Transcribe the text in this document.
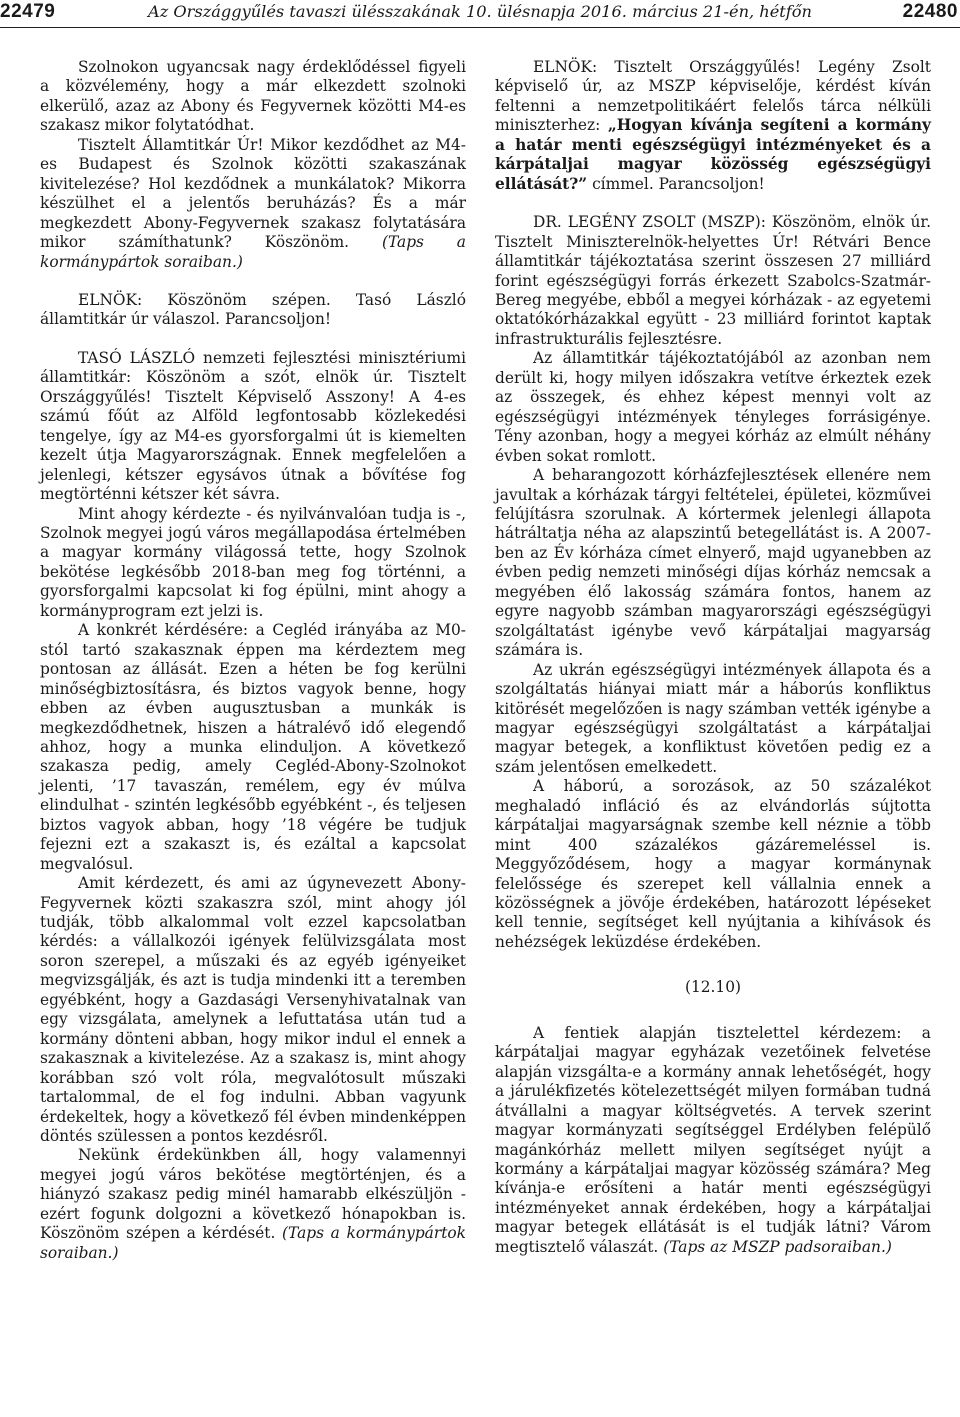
22479	Az Országgyűlés tavaszi ülésszakának 10. ülésnapja 2016. március 21-én, hétfőn	22480

Szolnokon ugyancsak nagy érdeklődéssel figyeli a közvélemény, hogy a már elkezdett szolnoki elkerülő, azaz az Abony és Fegyvernek közötti M4-es szakasz mikor folytatódhat.

Tisztelt Államtitkár Úr! Mikor kezdődhet az M4-es Budapest és Szolnok közötti szakaszának kivitelezése? Hol kezdődnek a munkálatok? Mikorra készülhet el a jelentős beruházás? És a már megkezdett Abony-Fegyvernek szakasz folytatására mikor számíthatunk? Köszönöm. (Taps a kormánypártok soraiban.)

ELNÖK: Köszönöm szépen. Tasó László államtitkár úr válaszol. Parancsoljon!

TASÓ LÁSZLÓ nemzeti fejlesztési minisztériumi államtitkár: Köszönöm a szót, elnök úr. Tisztelt Országgyűlés! Tisztelt Képviselő Asszony! A 4-es számú főút az Alföld legfontosabb közlekedési tengelye, így az M4-es gyorsforgalmi út is kiemelten kezelt útja Magyarországnak. Ennek megfelelően a jelenlegi, kétszer egysávos útnak a bővítése fog megtörténni kétszer két sávra.

Mint ahogy kérdezte - és nyilvánvalóan tudja is -, Szolnok megyei jogú város megállapodása értelmében a magyar kormány világossá tette, hogy Szolnok bekötése legkésőbb 2018-ban meg fog történni, a gyorsforgalmi kapcsolat ki fog épülni, mint ahogy a kormányprogram ezt jelzi is.

A konkrét kérdésére: a Cegléd irányába az M0-stól tartó szakasznak éppen ma kérdeztem meg pontosan az állását. Ezen a héten be fog kerülni minőségbiztosításra, és biztos vagyok benne, hogy ebben az évben augusztusban a munkák is megkezdődhetnek, hiszen a hátralévő idő elegendő ahhoz, hogy a munka elinduljon. A következő szakasza pedig, amely Cegléd-Abony-Szolnokot jelenti, ’17 tavaszán, remélem, egy év múlva elindulhat - szintén legkésőbb egyébként -, és teljesen biztos vagyok abban, hogy ’18 végére be tudjuk fejezni ezt a szakaszt is, és ezáltal a kapcsolat megvalósul.

Amit kérdezett, és ami az úgynevezett Abony-Fegyvernek közti szakaszra szól, mint ahogy jól tudják, több alkalommal volt ezzel kapcsolatban kérdés: a vállalkozói igények felülvizsgálata most soron szerepel, a műszaki és az egyéb igényeiket megvizsgálják, és azt is tudja mindenki itt a teremben egyébként, hogy a Gazdasági Versenyhivatalnak van egy vizsgálata, amelynek a lefuttatása után tud a kormány dönteni abban, hogy mikor indul el ennek a szakasznak a kivitelezése. Az a szakasz is, mint ahogy korábban szó volt róla, megvalótosult műszaki tartalommal, de el fog indulni. Abban vagyunk érdekeltek, hogy a következő fél évben mindenképpen döntés szülessen a pontos kezdésről.

Nekünk érdekünkben áll, hogy valamennyi megyei jogú város bekötése megtörténjen, és a hiányzó szakasz pedig minél hamarabb elkészüljön - ezért fogunk dolgozni a következő hónapokban is. Köszönöm szépen a kérdését. (Taps a kormánypártok soraiban.)

ELNÖK: Tisztelt Országgyűlés! Legény Zsolt képviselő úr, az MSZP képviselője, kérdést kíván feltenni a nemzetpolitikáért felelős tárca nélküli miniszterhez: „Hogyan kívánja segíteni a kormány a határ menti egészségügyi intézményeket és a kárpátaljai magyar közösség egészségügyi ellátását?” címmel. Parancsoljon!

DR. LEGÉNY ZSOLT (MSZP): Köszönöm, elnök úr. Tisztelt Miniszterelnök-helyettes Úr! Rétvári Bence államtitkár tájékoztatása szerint összesen 27 milliárd forint egészségügyi forrás érkezett Szabolcs-Szatmár-Bereg megyébe, ebből a megyei kórházak - az egyetemi oktatókórházakkal együtt - 23 milliárd forintot kaptak infrastrukturális fejlesztésre.

Az államtitkár tájékoztatójából az azonban nem derült ki, hogy milyen időszakra vetítve érkeztek ezek az összegek, és ehhez képest mennyi volt az egészségügyi intézmények tényleges forrásigénye. Tény azonban, hogy a megyei kórház az elmúlt néhány évben sokat romlott.

A beharangozott kórházfejlesztések ellenére nem javultak a kórházak tárgyi feltételei, épületei, közművei felújításra szorulnak. A kórtermek jelenlegi állapota hátráltatja néha az alapszintű betegellátást is. A 2007-ben az Év kórháza címet elnyerő, majd ugyanebben az évben pedig nemzeti minőségi díjas kórház nemcsak a megyében élő lakosság számára fontos, hanem az egyre nagyobb számban magyarországi egészségügyi szolgáltatást igénybe vevő kárpátaljai magyarság számára is.

Az ukrán egészségügyi intézmények állapota és a szolgáltatás hiányai miatt már a háborús konfliktus kitörését megelőzően is nagy számban vették igénybe a magyar egészségügyi szolgáltatást a kárpátaljai magyar betegek, a konfliktust követően pedig ez a szám jelentősen emelkedett.

A háború, a sorozások, az 50 százalékot meghaladó infláció és az elvándorlás sújtotta kárpátaljai magyarságnak szembe kell néznie a több mint 400 százalékos gázáremeléssel is. Meggyőződésem, hogy a magyar kormánynak felelőssége és szerepet kell vállalnia ennek a közösségnek a jövője érdekében, határozott lépéseket kell tennie, segítséget kell nyújtania a kihívások és nehézségek leküzdése érdekében.

(12.10)

A fentiek alapján tisztelettel kérdezem: a kárpátaljai magyar egyházak vezetőinek felvetése alapján vizsgálta-e a kormány annak lehetőségét, hogy a járulékfizetés kötelezettségét milyen formában tudná átvállalni a magyar költségvetés. A tervek szerint magyar kormányzati segítséggel Erdélyben felépülő magánkórház mellett milyen segítséget nyújt a kormány a kárpátaljai magyar közösség számára? Meg kívánja-e erősíteni a határ menti egészségügyi intézményeket annak érdekében, hogy a kárpátaljai magyar betegek ellátását is el tudják látni? Várom megtisztelő válaszát. (Taps az MSZP padsoraiban.)
